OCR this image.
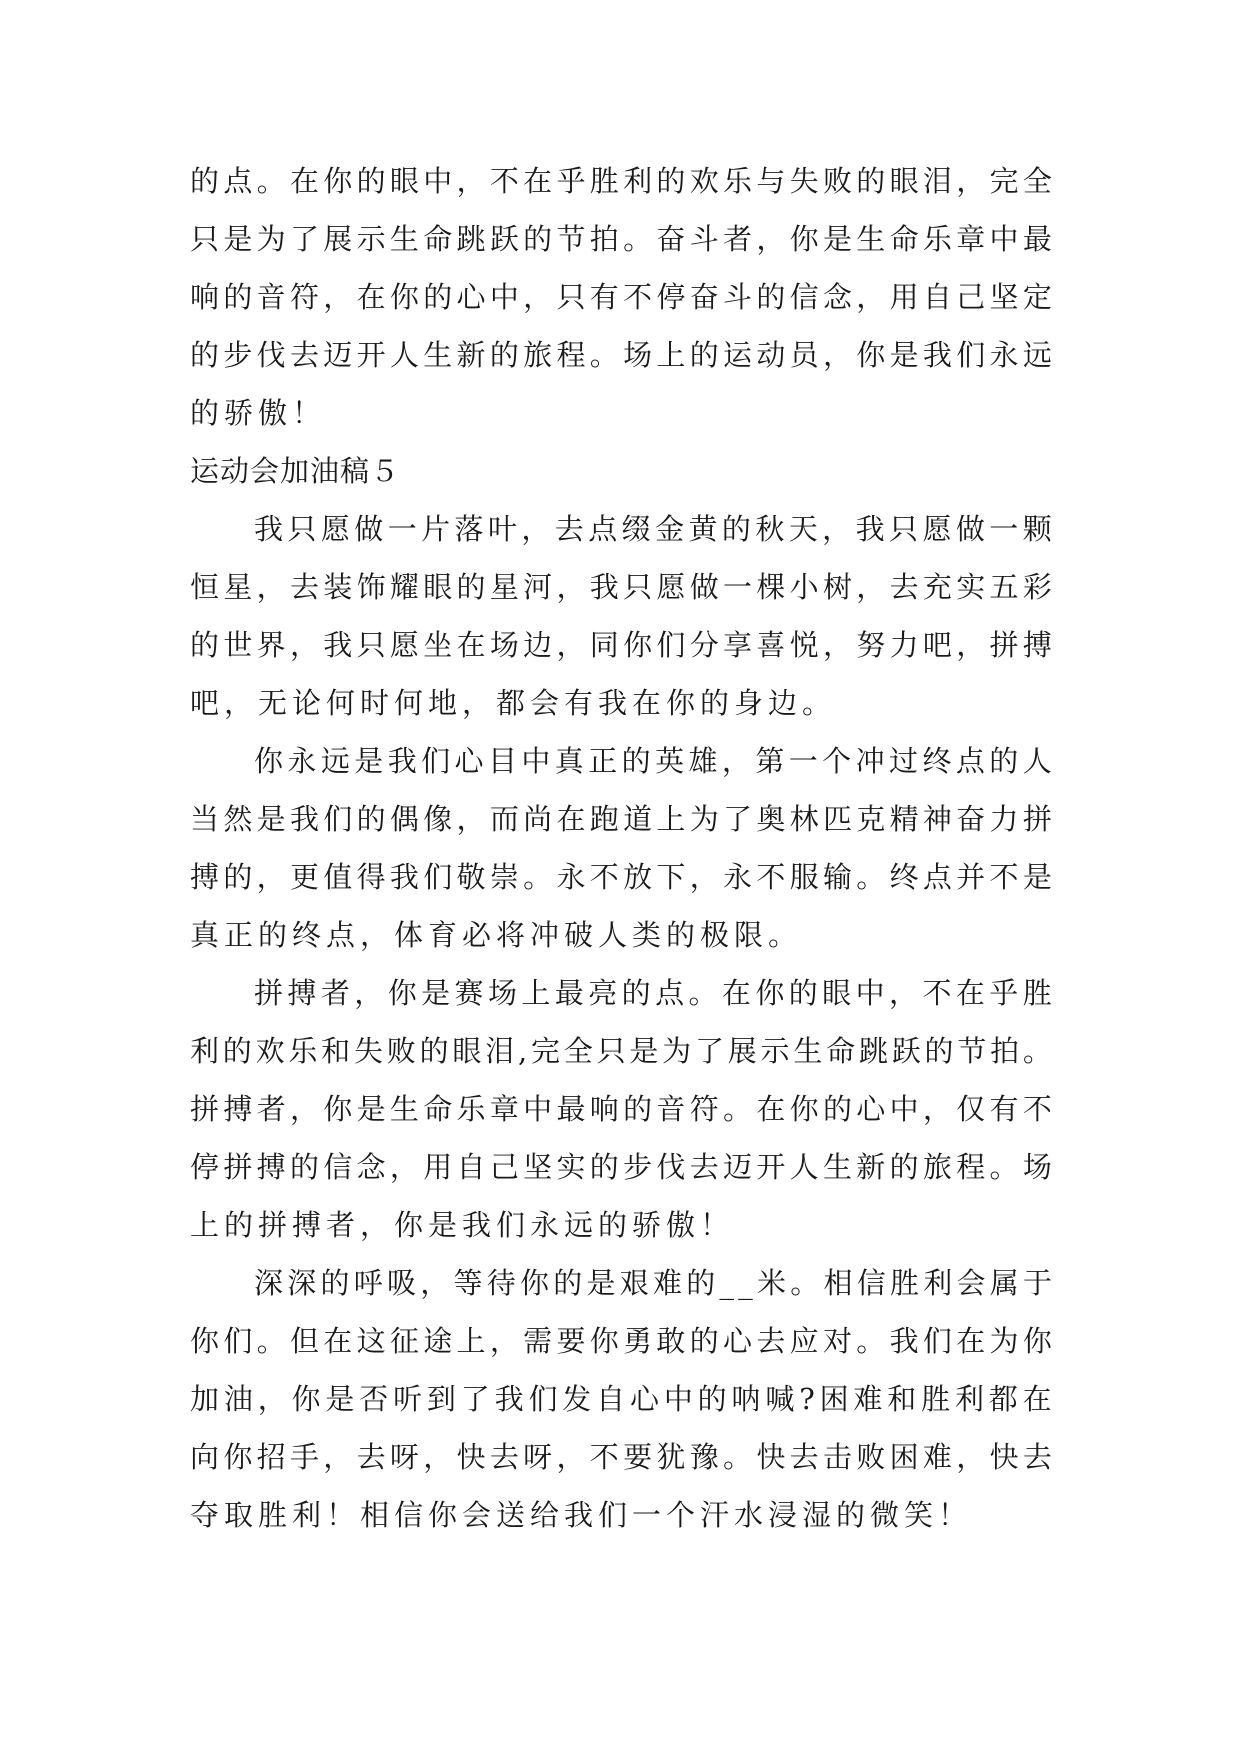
的 点 。 在 你 的 眼 中 ， 不 在 乎 胜 利 的 欢 乐 与 失 败 的 眼 泪 ， 完 全
只 是 为 了 展 示 生 命 跳 跃 的 节 拍 。 奋 斗 者 ， 你 是 生 命 乐 章 中 最
响 的 音 符 ， 在 你 的 心 中 ， 只 有 不 停 奋 斗 的 信 念 ， 用 自 己 坚 定
的 步 伐 去 迈 开 人 生 新 的 旅 程 。 场 上 的 运 动 员 ， 你 是 我 们 永 远
的骄傲！
运动会加油稿５
我 只 愿 做 一 片 落 叶 ， 去 点 缀 金 黄 的 秋 天 ， 我 只 愿 做 一 颗
恒 星 ， 去 装 饰 耀 眼 的 星 河 ， 我 只 愿 做 一 棵 小 树 ， 去 充 实 五 彩
的 世 界 ， 我 只 愿 坐 在 场 边 ， 同 你 们 分 享 喜 悦 ， 努 力 吧 ， 拼 搏
吧，无论何时何地，都会有我在你的身边。
你 永 远 是 我 们 心 目 中 真 正 的 英 雄 ， 第 一 个 冲 过 终 点 的 人
当 然 是 我 们 的 偶 像 ， 而 尚 在 跑 道 上 为 了 奥 林 匹 克 精 神 奋 力 拼
搏 的 ， 更 值 得 我 们 敬 崇 。 永 不 放 下 ， 永 不 服 输 。 终 点 并 不 是
真正的终点，体育必将冲破人类的极限。
拼 搏 者 ， 你 是 赛 场 上 最 亮 的 点 。 在 你 的 眼 中 ， 不 在 乎 胜
利 的 欢 乐 和 失 败 的 眼 泪 , 完 全 只 是 为 了 展 示 生 命 跳 跃 的 节 拍 。
拼 搏 者 ， 你 是 生 命 乐 章 中 最 响 的 音 符 。 在 你 的 心 中 ， 仅 有 不
停 拼 搏 的 信 念 ， 用 自 己 坚 实 的 步 伐 去 迈 开 人 生 新 的 旅 程 。 场
上的拼搏者，你是我们永远的骄傲！
深 深 的 呼 吸 ， 等 待 你 的 是 艰 难 的 _ _ 米 。 相 信 胜 利 会 属 于
你 们 。 但 在 这 征 途 上 ， 需 要 你 勇 敢 的 心 去 应 对 。 我 们 在 为 你
加 油 ， 你 是 否 听 到 了 我 们 发 自 心 中 的 呐 喊 ? 困 难 和 胜 利 都 在
向 你 招 手 ， 去 呀 ， 快 去 呀 ， 不 要 犹 豫 。 快 去 击 败 困 难 ， 快 去
夺取胜利！相信你会送给我们一个汗水浸湿的微笑！
